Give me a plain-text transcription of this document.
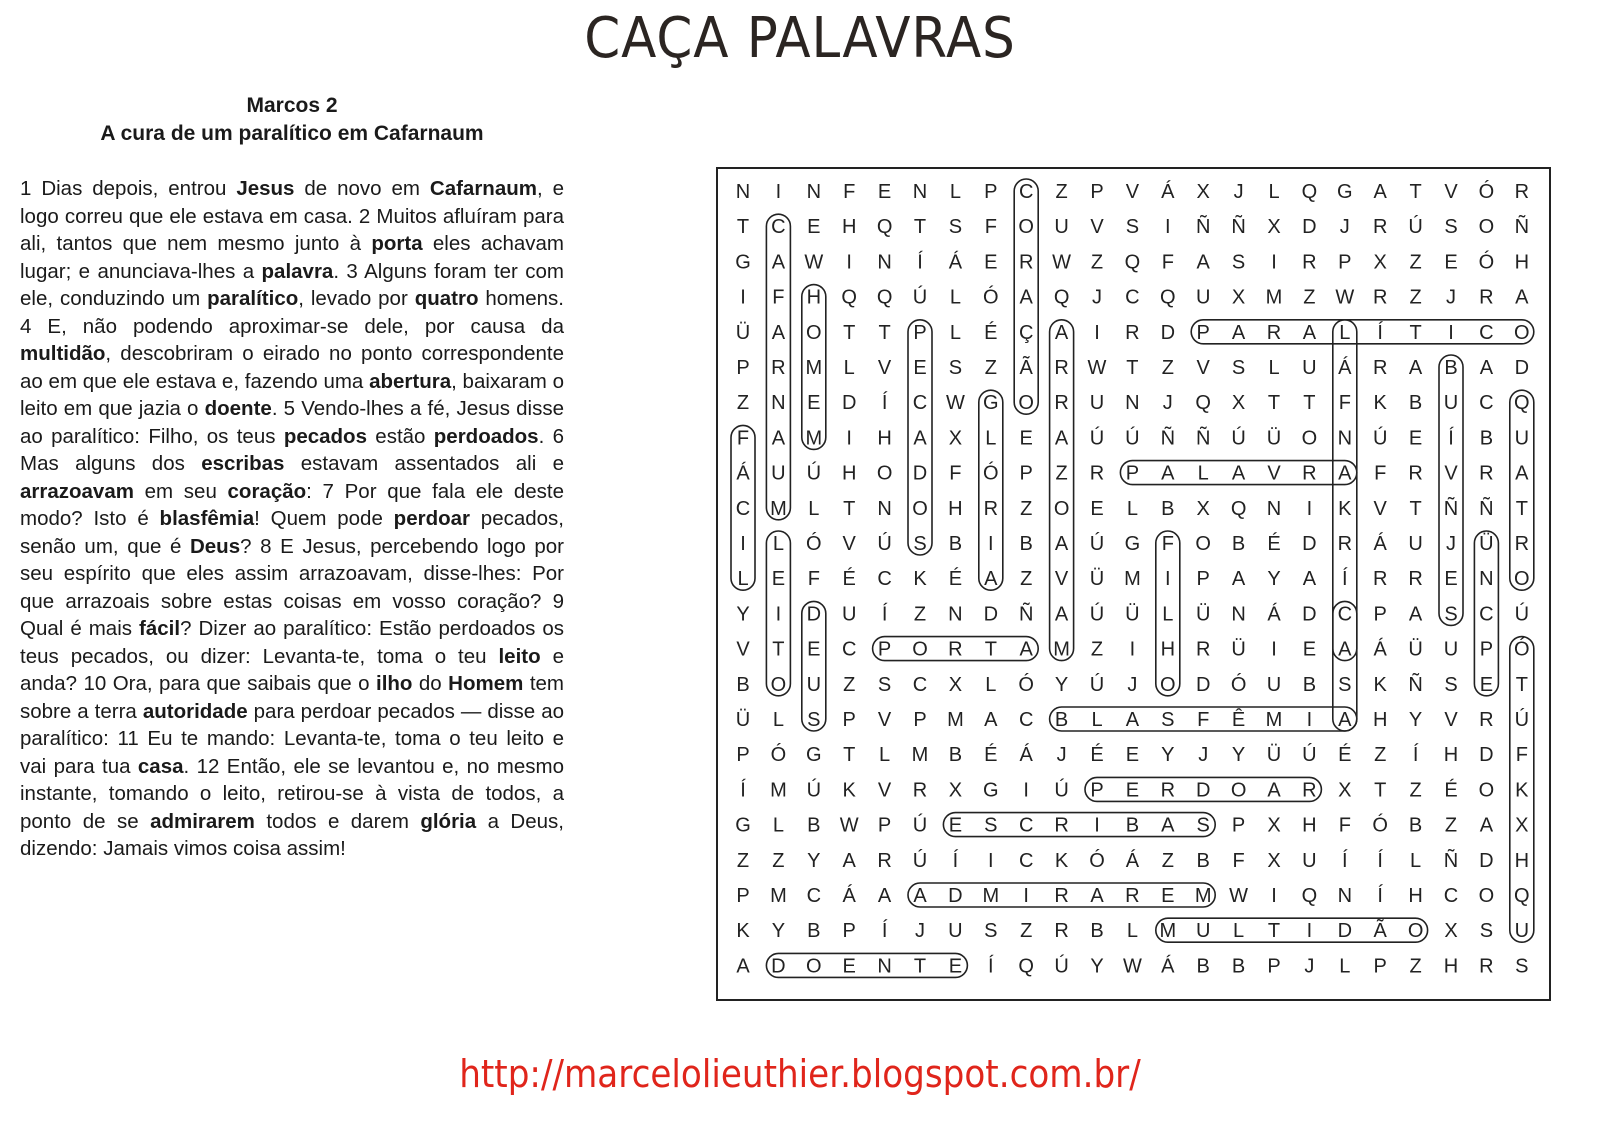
CAÇA PALAVRAS
Marcos 2
A cura de um paralítico em Cafarnaum
1 Dias depois, entrou Jesus de novo em Cafarnaum, e logo correu que ele estava em casa. 2 Muitos afluíram para ali, tantos que nem mesmo junto à porta eles achavam lugar; e anunciava-lhes a palavra. 3 Alguns foram ter com ele, conduzindo um paralítico, levado por quatro homens. 4 E, não podendo aproximar-se dele, por causa da multidão, descobriram o eirado no ponto correspondente ao em que ele estava e, fazendo uma abertura, baixaram o leito em que jazia o doente. 5 Vendo-lhes a fé, Jesus disse ao paralítico: Filho, os teus pecados estão perdoados. 6 Mas alguns dos escribas estavam assentados ali e arrazoavam em seu coração: 7 Por que fala ele deste modo? Isto é blasfêmia! Quem pode perdoar pecados, senão um, que é Deus? 8 E Jesus, percebendo logo por seu espírito que eles assim arrazoavam, disse-lhes: Por que arrazoais sobre estas coisas em vosso coração? 9 Qual é mais fácil? Dizer ao paralítico: Estão perdoados os teus pecados, ou dizer: Levanta-te, toma o teu leito e anda? 10 Ora, para que saibais que o ilho do Homem tem sobre a terra autoridade para perdoar pecados — disse ao paralítico: 11 Eu te mando: Levanta-te, toma o teu leito e vai para tua casa. 12 Então, ele se levantou e, no mesmo instante, tomando o leito, retirou-se à vista de todos, a ponto de se admirarem todos e darem glória a Deus, dizendo: Jamais vimos coisa assim!
N I N F E N L P C Z P V Á X J L Q G A T V Ó R
T C E H Q T S F O U V S I Ñ Ñ X D J R Ú S O Ñ
G A W I N Í Á E R W Z Q F A S I R P X Z E Ó H
I F H Q Q Ú L Ó A Q J C Q U X M Z W R Z J R A
Ü A O T T P L É Ç A I R D P A R A L Í T I C O
P R M L V E S Z Ã R W T Z V S L U Á R A B A D
Z N E D Í C W G O R U N J Q X T T F K B U C Q
F A M I H A X L E A Ú Ú Ñ Ñ Ú Ü O N Ú E Í B U
Á U Ú H O D F Ó P Z R P A L A V R A F R V R A
C M L T N O H R Z O E L B X Q N I K V T Ñ Ñ T
I L Ó V Ú S B I B A Ú G F O B É D R Á U J Ü R
L E F É C K É A Z V Ü M I P A Y A Í R R E N O
Y I D U Í Z N D Ñ A Ú Ü L Ü N Á D C P A S C Ú
V T E C P O R T A M Z I H R Ü I E A Á Ü U P Ó
B O U Z S C X L Ó Y Ú J O D Ó U B S K Ñ S E T
Ü L S P V P M A C B L A S F Ê M I A H Y V R Ú
P Ó G T L M B É Á J É E Y J Y Ü Ú É Z Í H D F
Í M Ú K V R X G I Ú P E R D O A R X T Z É O K
G L B W P Ú E S C R I B A S P X H F Ó B Z A X
Z Z Y A R Ú Í I C K Ó Á Z B F X U Í Í L Ñ D H
P M C Á A A D M I R A R E M W I Q N Í H C O Q
K Y B P Í J U S Z R B L M U L T I D Ã O X S U
A D O E N T E Í Q Ú Y W Á B B P J L P Z H R S
http://marcelolieuthier.blogspot.com.br/
